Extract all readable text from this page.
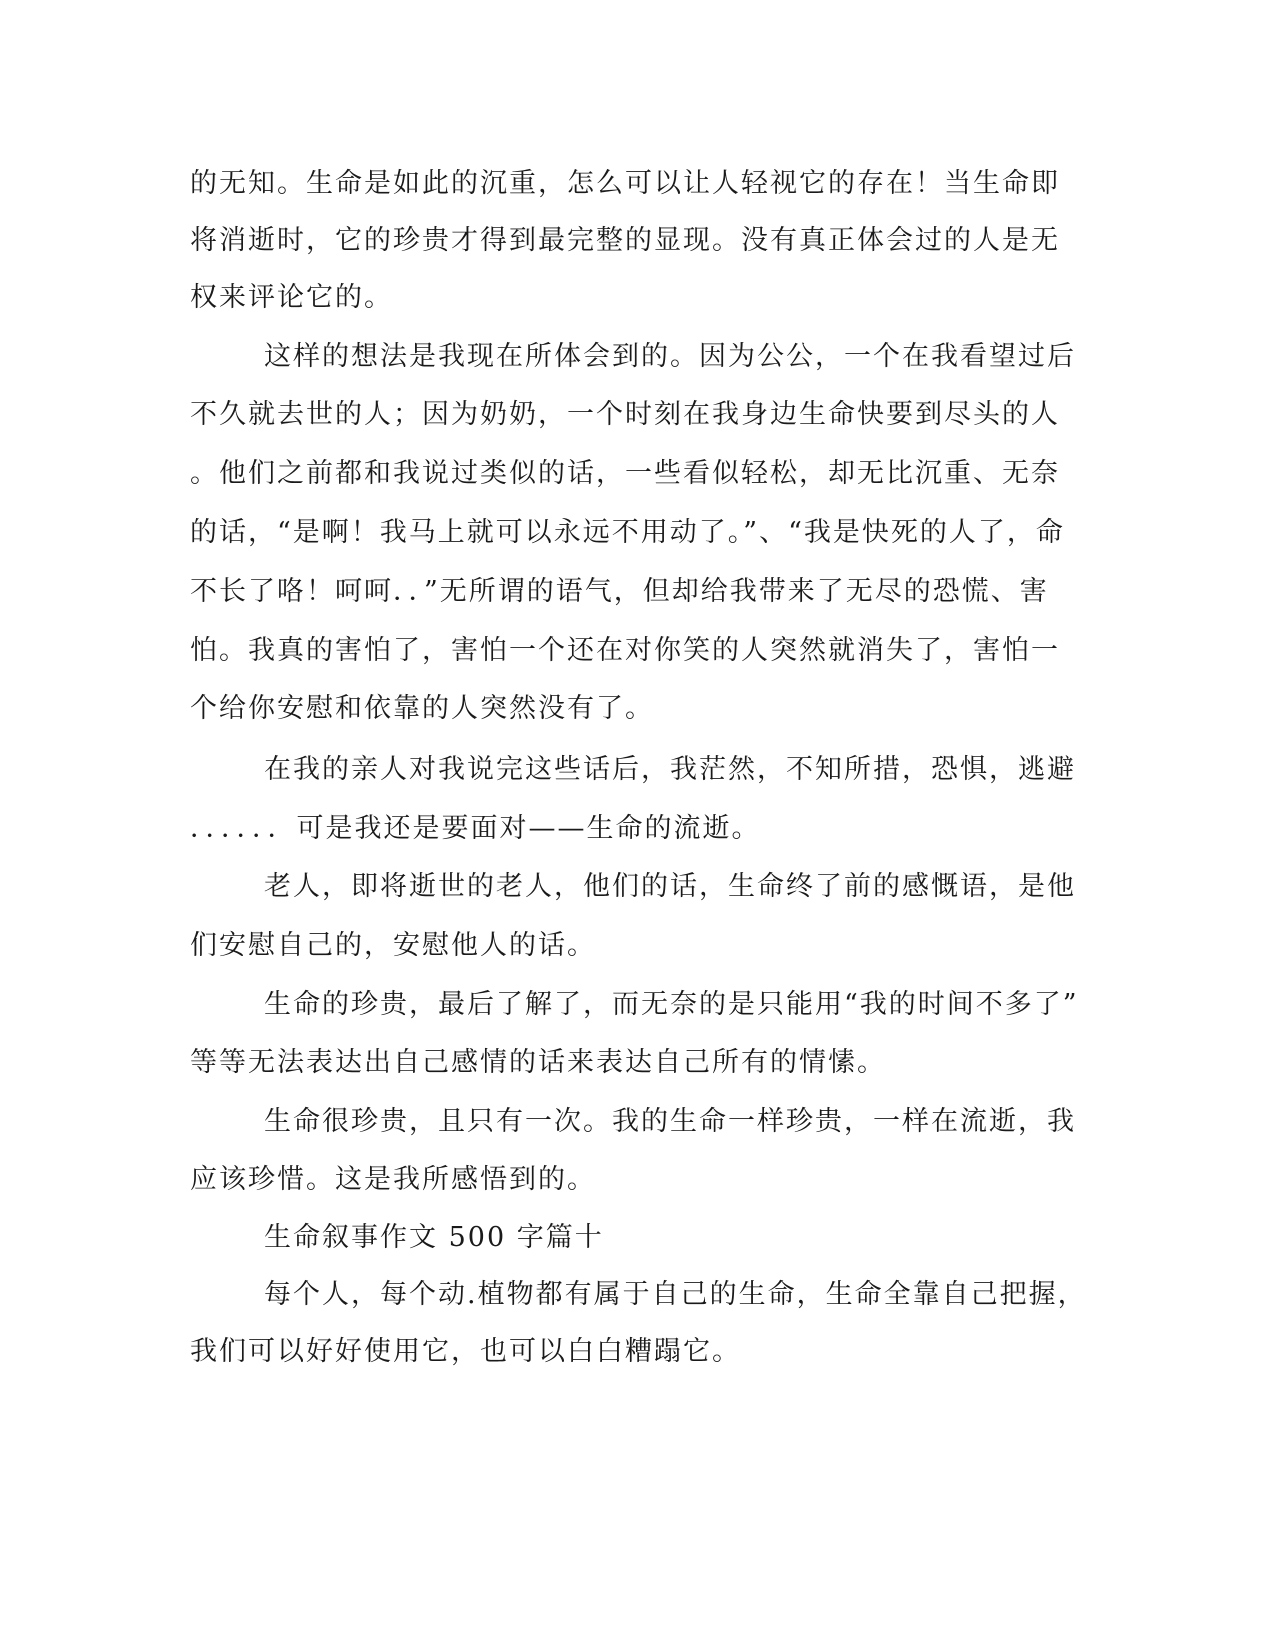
的无知。生命是如此的沉重，怎么可以让人轻视它的存在！当生命即
将消逝时，它的珍贵才得到最完整的显现。没有真正体会过的人是无
权来评论它的。
这样的想法是我现在所体会到的。因为公公，一个在我看望过后
不久就去世的人；因为奶奶，一个时刻在我身边生命快要到尽头的人
。他们之前都和我说过类似的话，一些看似轻松，却无比沉重、无奈
的话，“是啊！我马上就可以永远不用动了。”、“我是快死的人了，命
不长了咯！呵呵．．”无所谓的语气，但却给我带来了无尽的恐慌、害
怕。我真的害怕了，害怕一个还在对你笑的人突然就消失了，害怕一
个给你安慰和依靠的人突然没有了。
在我的亲人对我说完这些话后，我茫然，不知所措，恐惧，逃避
．．．．．．可是我还是要面对——生命的流逝。
老人，即将逝世的老人，他们的话，生命终了前的感慨语，是他
们安慰自己的，安慰他人的话。
生命的珍贵，最后了解了，而无奈的是只能用“我的时间不多了”
等等无法表达出自己感情的话来表达自己所有的情愫。
生命很珍贵，且只有一次。我的生命一样珍贵，一样在流逝，我
应该珍惜。这是我所感悟到的。
生命叙事作文 500 字篇十
每个人，每个动.植物都有属于自己的生命，生命全靠自己把握，
我们可以好好使用它，也可以白白糟蹋它。
